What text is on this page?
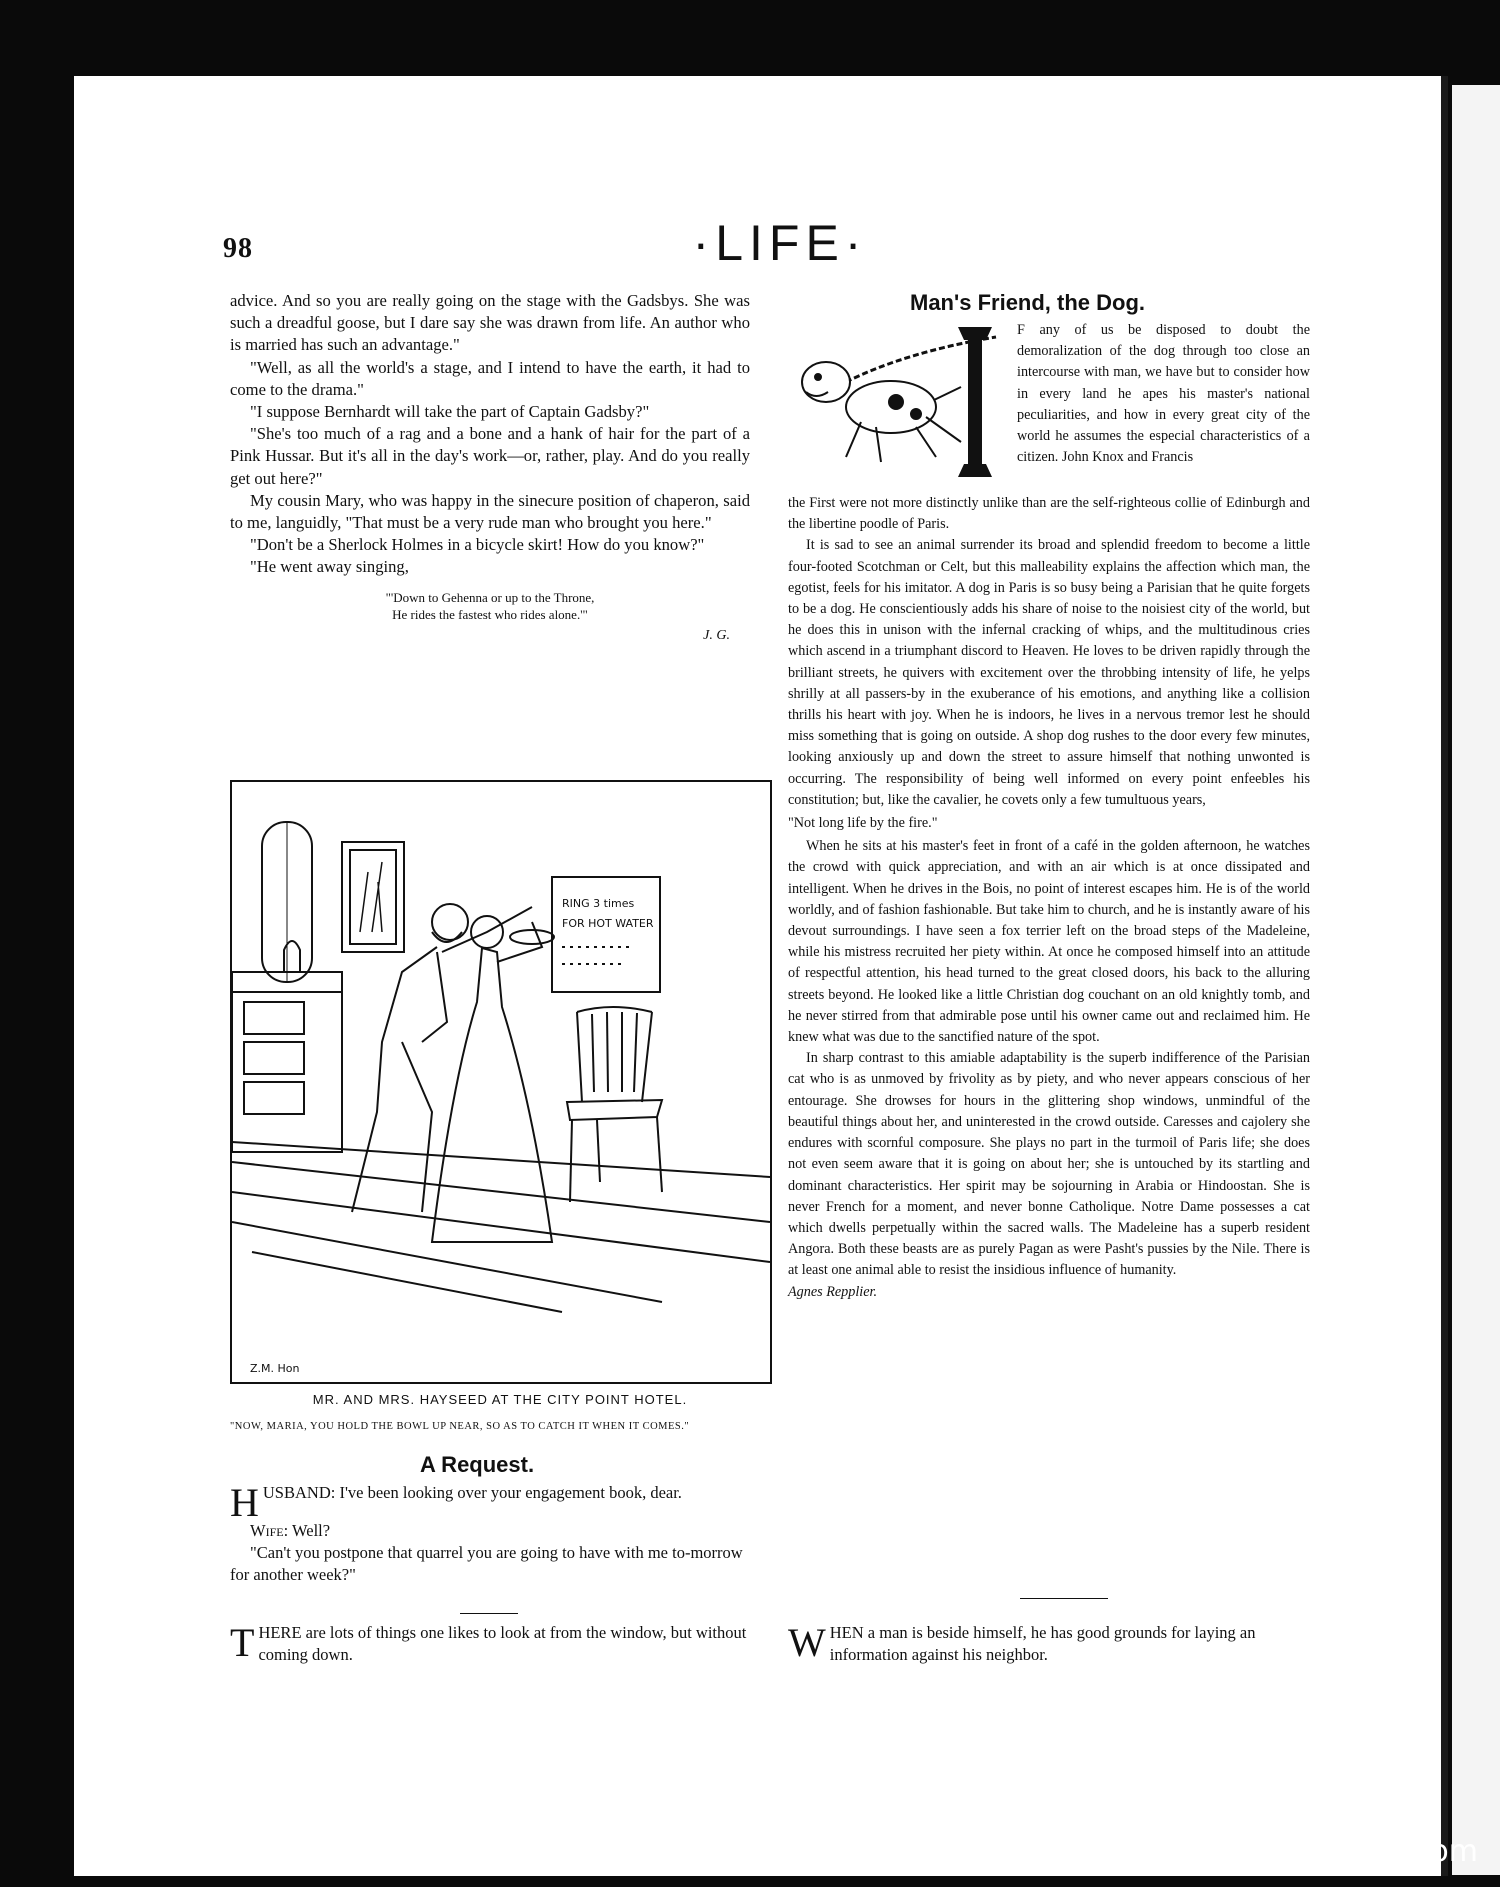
98	·LIFE·

advice. And so you are really going on the stage with the Gadsbys. She was such a dreadful goose, but I dare say she was drawn from life. An author who is married has such an advantage."

"Well, as all the world's a stage, and I intend to have the earth, it had to come to the drama."

"I suppose Bernhardt will take the part of Captain Gadsby?"

"She's too much of a rag and a bone and a hank of hair for the part of a Pink Hussar. But it's all in the day's work—or, rather, play. And do you really get out here?"

My cousin Mary, who was happy in the sinecure position of chaperon, said to me, languidly, "That must be a very rude man who brought you here."

"Don't be a Sherlock Holmes in a bicycle skirt! How do you know?"

"He went away singing,

"'Down to Gehenna or up to the Throne,
He rides the fastest who rides alone.'"
J. G.
RING 3 times
FOR HOT WATER
Z.M. Hon
MR. AND MRS. HAYSEED AT THE CITY POINT HOTEL.
"NOW, MARIA, YOU HOLD THE BOWL UP NEAR, SO AS TO CATCH IT WHEN IT COMES."
A Request.

H USBAND: I've been looking over your engagement book, dear.

Wife: Well?

"Can't you postpone that quarrel you are going to have with me to-morrow for another week?"

T HERE are lots of things one likes to look at from the window, but without coming down.
Man's Friend, the Dog.
F any of us be disposed to doubt the demoralization of the dog through too close an intercourse with man, we have but to consider how in every land he apes his master's national peculiarities, and how in every great city of the world he assumes the especial characteristics of a citizen. John Knox and Francis

the First were not more distinctly unlike than are the self-righteous collie of Edinburgh and the libertine poodle of Paris.

It is sad to see an animal surrender its broad and splendid freedom to become a little four-footed Scotchman or Celt, but this malleability explains the affection which man, the egotist, feels for his imitator. A dog in Paris is so busy being a Parisian that he quite forgets to be a dog. He conscientiously adds his share of noise to the noisiest city of the world, but he does this in unison with the infernal cracking of whips, and the multitudinous cries which ascend in a triumphant discord to Heaven. He loves to be driven rapidly through the brilliant streets, he quivers with excitement over the throbbing intensity of life, he yelps shrilly at all passers-by in the exuberance of his emotions, and anything like a collision thrills his heart with joy. When he is indoors, he lives in a nervous tremor lest he should miss something that is going on outside. A shop dog rushes to the door every few minutes, looking anxiously up and down the street to assure himself that nothing unwonted is occurring. The responsibility of being well informed on every point enfeebles his constitution; but, like the cavalier, he covets only a few tumultuous years,

"Not long life by the fire."

When he sits at his master's feet in front of a café in the golden afternoon, he watches the crowd with quick appreciation, and with an air which is at once dissipated and intelligent. When he drives in the Bois, no point of interest escapes him. He is of the world worldly, and of fashion fashionable. But take him to church, and he is instantly aware of his devout surroundings. I have seen a fox terrier left on the broad steps of the Madeleine, while his mistress recruited her piety within. At once he composed himself into an attitude of respectful attention, his head turned to the great closed doors, his back to the alluring streets beyond. He looked like a little Christian dog couchant on an old knightly tomb, and he never stirred from that admirable pose until his owner came out and reclaimed him. He knew what was due to the sanctified nature of the spot.

In sharp contrast to this amiable adaptability is the superb indifference of the Parisian cat who is as unmoved by frivolity as by piety, and who never appears conscious of her entourage. She drowses for hours in the glittering shop windows, unmindful of the beautiful things about her, and uninterested in the crowd outside. Caresses and cajolery she endures with scornful composure. She plays no part in the turmoil of Paris life; she does not even seem aware that it is going on about her; she is untouched by its startling and dominant characteristics. Her spirit may be sojourning in Arabia or Hindoostan. She is never French for a moment, and never bonne Catholique. Notre Dame possesses a cat which dwells perpetually within the sacred walls. The Madeleine has a superb resident Angora. Both these beasts are as purely Pagan as were Pasht's pussies by the Nile. There is at least one animal able to resist the insidious influence of humanity.

Agnes Repplier.

W HEN a man is beside himself, he has good grounds for laying an information against his neighbor.
comicbooks.com
